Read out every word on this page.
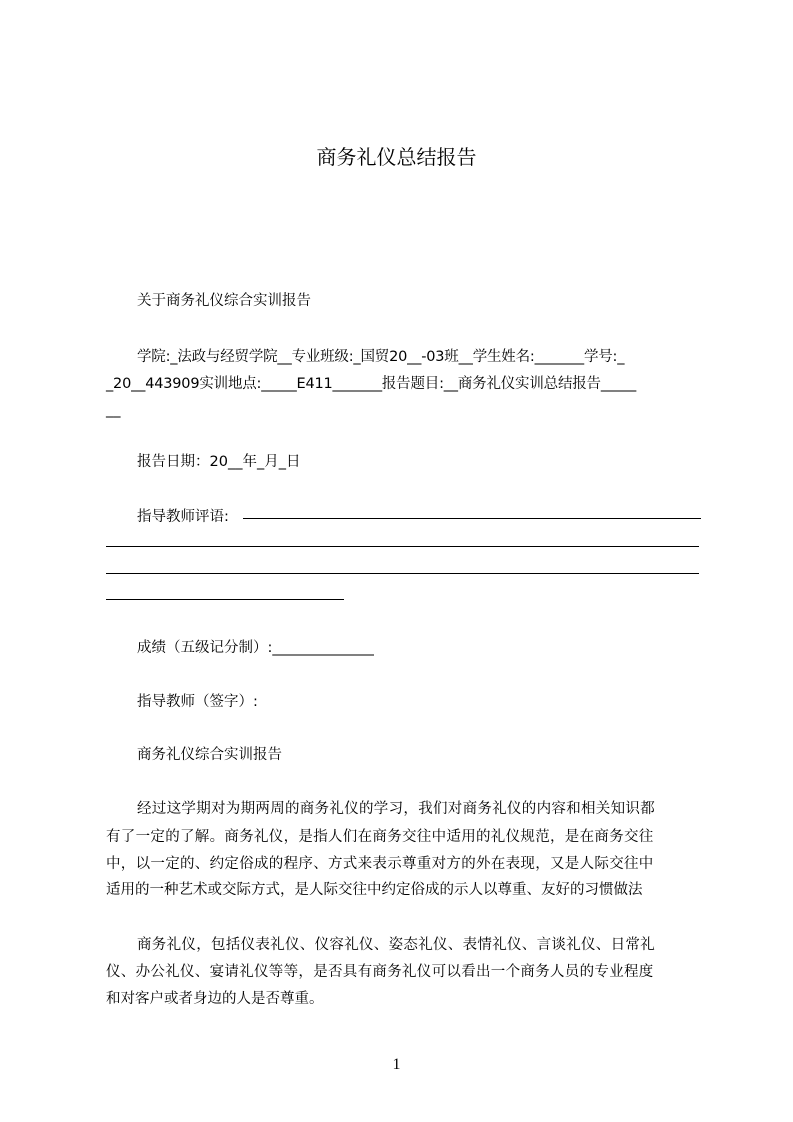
商务礼仪总结报告
关于商务礼仪综合实训报告
学院:_法政与经贸学院__专业班级:_国贸20__-03班__学生姓名:_______学号:_
_20__443909实训地点:_____E411_______报告题目:__商务礼仪实训总结报告_____
__
报告日期：20__年_月_日
指导教师评语:
成绩（五级记分制）:______________
指导教师（签字）:
商务礼仪综合实训报告
经过这学期对为期两周的商务礼仪的学习，我们对商务礼仪的内容和相关知识都
有了一定的了解。商务礼仪，是指人们在商务交往中适用的礼仪规范，是在商务交往
中，以一定的、约定俗成的程序、方式来表示尊重对方的外在表现，又是人际交往中
适用的一种艺术或交际方式，是人际交往中约定俗成的示人以尊重、友好的习惯做法
商务礼仪，包括仪表礼仪、仪容礼仪、姿态礼仪、表情礼仪、言谈礼仪、日常礼
仪、办公礼仪、宴请礼仪等等，是否具有商务礼仪可以看出一个商务人员的专业程度
和对客户或者身边的人是否尊重。
1
